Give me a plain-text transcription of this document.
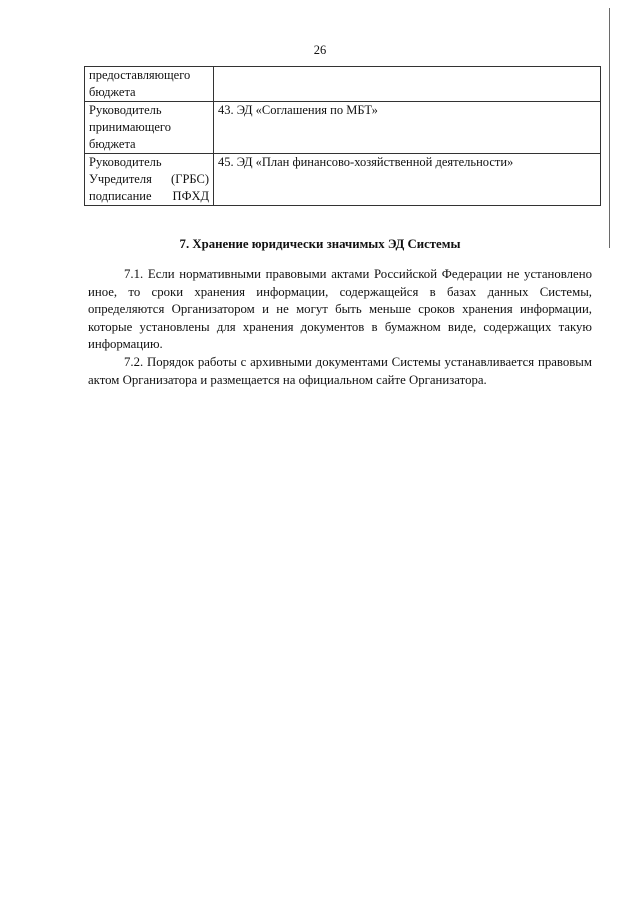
26
предоставляющего бюджета	
Руководитель принимающего бюджета	43. ЭД «Соглашения по МБТ»
Руководитель Учредителя (ГРБС) подписание ПФХД	45. ЭД «План финансово-хозяйственной деятельности»
7. Хранение юридически значимых ЭД Системы

7.1. Если нормативными правовыми актами Российской Федерации не установлено иное, то сроки хранения информации, содержащейся в базах данных Системы, определяются Организатором и не могут быть меньше сроков хранения информации, которые установлены для хранения документов в бумажном виде, содержащих такую информацию.

7.2. Порядок работы с архивными документами Системы устанавливается правовым актом Организатора и размещается на официальном сайте Организатора.
